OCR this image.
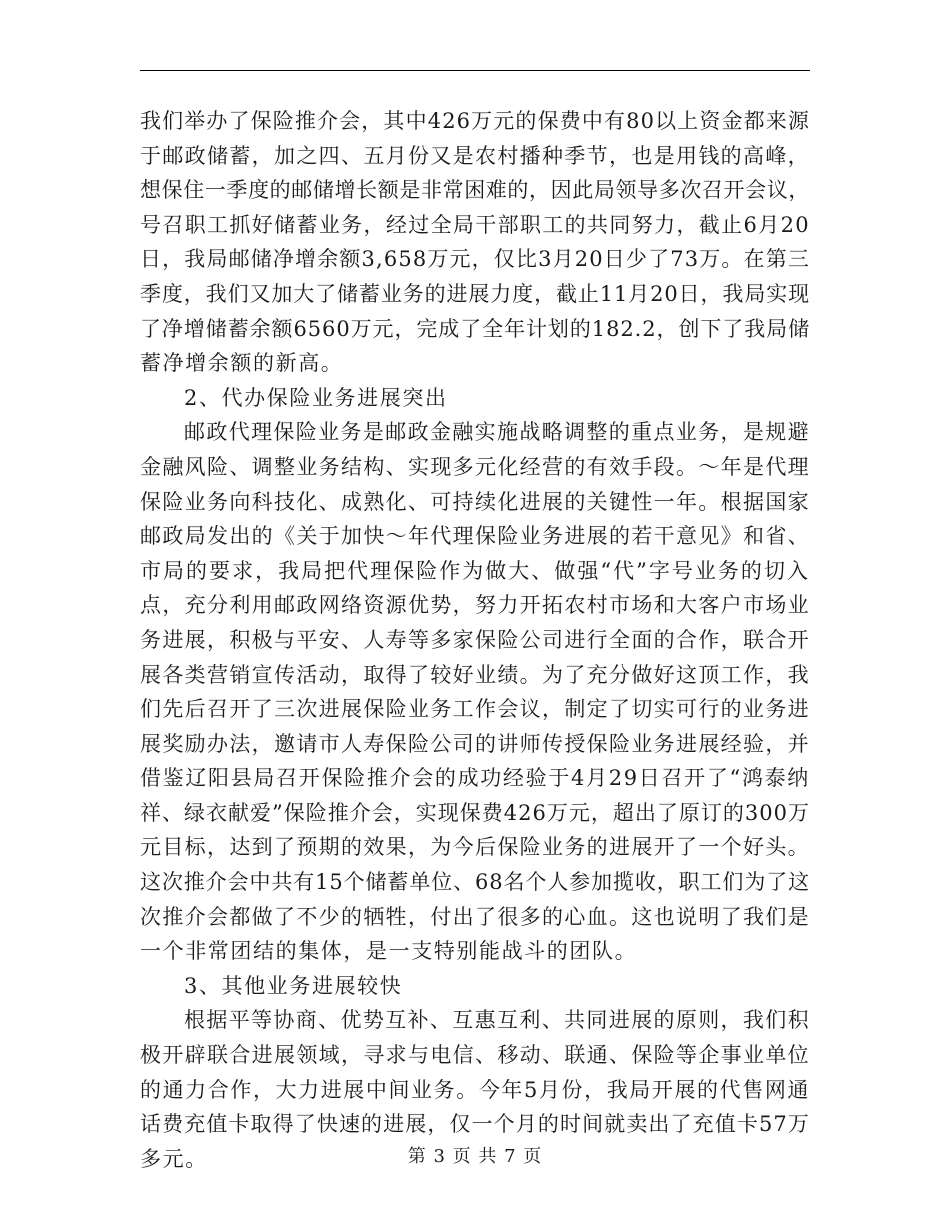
我们举办了保险推介会，其中426万元的保费中有80以上资金都来源
于邮政储蓄，加之四、五月份又是农村播种季节，也是用钱的高峰，
想保住一季度的邮储增长额是非常困难的，因此局领导多次召开会议，
号召职工抓好储蓄业务，经过全局干部职工的共同努力，截止6月20
日，我局邮储净增余额3,658万元，仅比3月20日少了73万。在第三
季度，我们又加大了储蓄业务的进展力度，截止11月20日，我局实现
了净增储蓄余额6560万元，完成了全年计划的182.2，创下了我局储
蓄净增余额的新高。
2、代办保险业务进展突出
邮政代理保险业务是邮政金融实施战略调整的重点业务，是规避
金融风险、调整业务结构、实现多元化经营的有效手段。～年是代理
保险业务向科技化、成熟化、可持续化进展的关键性一年。根据国家
邮政局发出的《关于加快～年代理保险业务进展的若干意见》和省、
市局的要求，我局把代理保险作为做大、做强“代”字号业务的切入
点，充分利用邮政网络资源优势，努力开拓农村市场和大客户市场业
务进展，积极与平安、人寿等多家保险公司进行全面的合作，联合开
展各类营销宣传活动，取得了较好业绩。为了充分做好这顶工作，我
们先后召开了三次进展保险业务工作会议，制定了切实可行的业务进
展奖励办法，邀请市人寿保险公司的讲师传授保险业务进展经验，并
借鉴辽阳县局召开保险推介会的成功经验于4月29日召开了“鸿泰纳
祥、绿衣献爱”保险推介会，实现保费426万元，超出了原订的300万
元目标，达到了预期的效果，为今后保险业务的进展开了一个好头。
这次推介会中共有15个储蓄单位、68名个人参加揽收，职工们为了这
次推介会都做了不少的牺牲，付出了很多的心血。这也说明了我们是
一个非常团结的集体，是一支特别能战斗的团队。
3、其他业务进展较快
根据平等协商、优势互补、互惠互利、共同进展的原则，我们积
极开辟联合进展领域，寻求与电信、移动、联通、保险等企事业单位
的通力合作，大力进展中间业务。今年5月份，我局开展的代售网通
话费充值卡取得了快速的进展，仅一个月的时间就卖出了充值卡57万
多元。	第 3 页 共 7 页
